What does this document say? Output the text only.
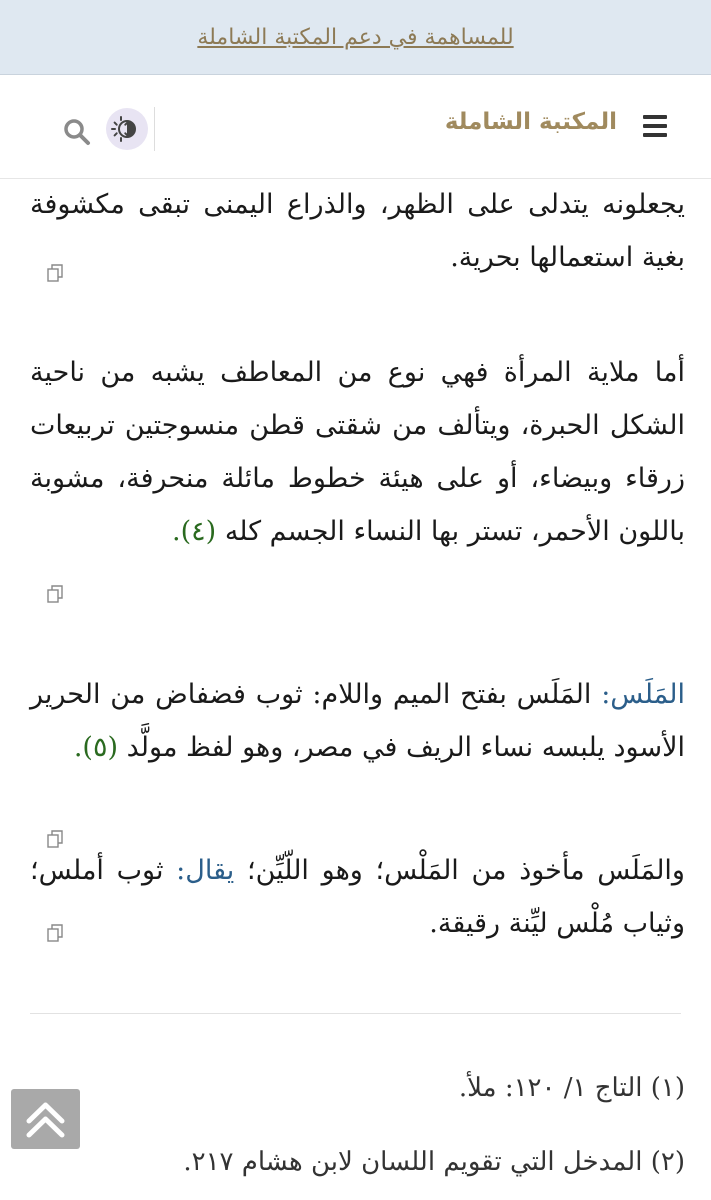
للمساهمة في دعم المكتبة الشاملة
المكتبة الشاملة
يجعلونه يتدلى على الظهر، والذراع اليمنى تبقى مكشوفة بغية استعمالها بحرية.
أما ملاية المرأة فهي نوع من المعاطف يشبه من ناحية الشكل الحبرة، ويتألف من شقتى قطن منسوجتين تربيعات زرقاء وبيضاء، أو على هيئة خطوط مائلة منحرفة، مشوبة باللون الأحمر، تستر بها النساء الجسم كله (٤).
المَلَس: المَلَس بفتح الميم واللام: ثوب فضفاض من الحرير الأسود يلبسه نساء الريف في مصر، وهو لفظ مولَّد (٥).
والمَلَس مأخوذ من المَلْس؛ وهو اللّيِّن؛ يقال: ثوب أملس؛ وثياب مُلْس ليِّنة رقيقة.
(١) التاج ١/ ١٢٠: ملأ.
(٢) المدخل التي تقويم اللسان لابن هشام ٢١٧.
